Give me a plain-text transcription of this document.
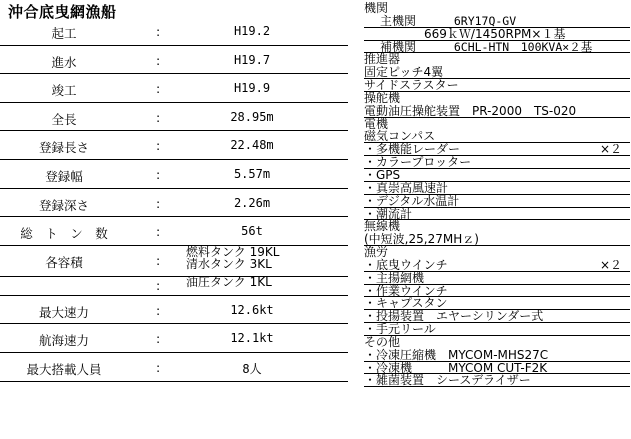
沖合底曳網漁船
起工	:	H19.2
進水	:	H19.7
竣工	:	H19.9
全長	:	28.95m
登録長さ	:	22.48m
登録幅	:	5.57m
登録深さ	:	2.26m
総　ト　ン　数	:	56t
各容積	:
燃料タンク 19KL
清水タンク 3KL
: 油圧タンク 1KL
最大速力	:	12.6kt
航海速力	:	12.1kt
最大搭載人員	:	8人
機関
主機関	6RY17Q-GV
669ｋＷ/1450RPM×１基
補機関	6CHL-HTN　100KVA×２基
推進器
固定ピッチ4翼
サイドスラスター
操舵機
電動油圧操舵装置　PR-2000　TS-020
電機
磁気コンパス
・多機能レーダー	×２
・カラープロッター
・GPS
・真崇高風速計
・デジタル水温計
・潮流計
無線機
(中短波,25,27MHｚ)
漁労
・底曳ウインチ	×２
・主揚網機
・作業ウインチ
・キャプスタン
・投揚装置　エヤーシリンダー式
・手元リール
その他
・冷凍圧縮機　MYCOM-MHS27C
・冷凍機　　　MYCOM CUT-F2K
・雑菌装置　シースデライザー
